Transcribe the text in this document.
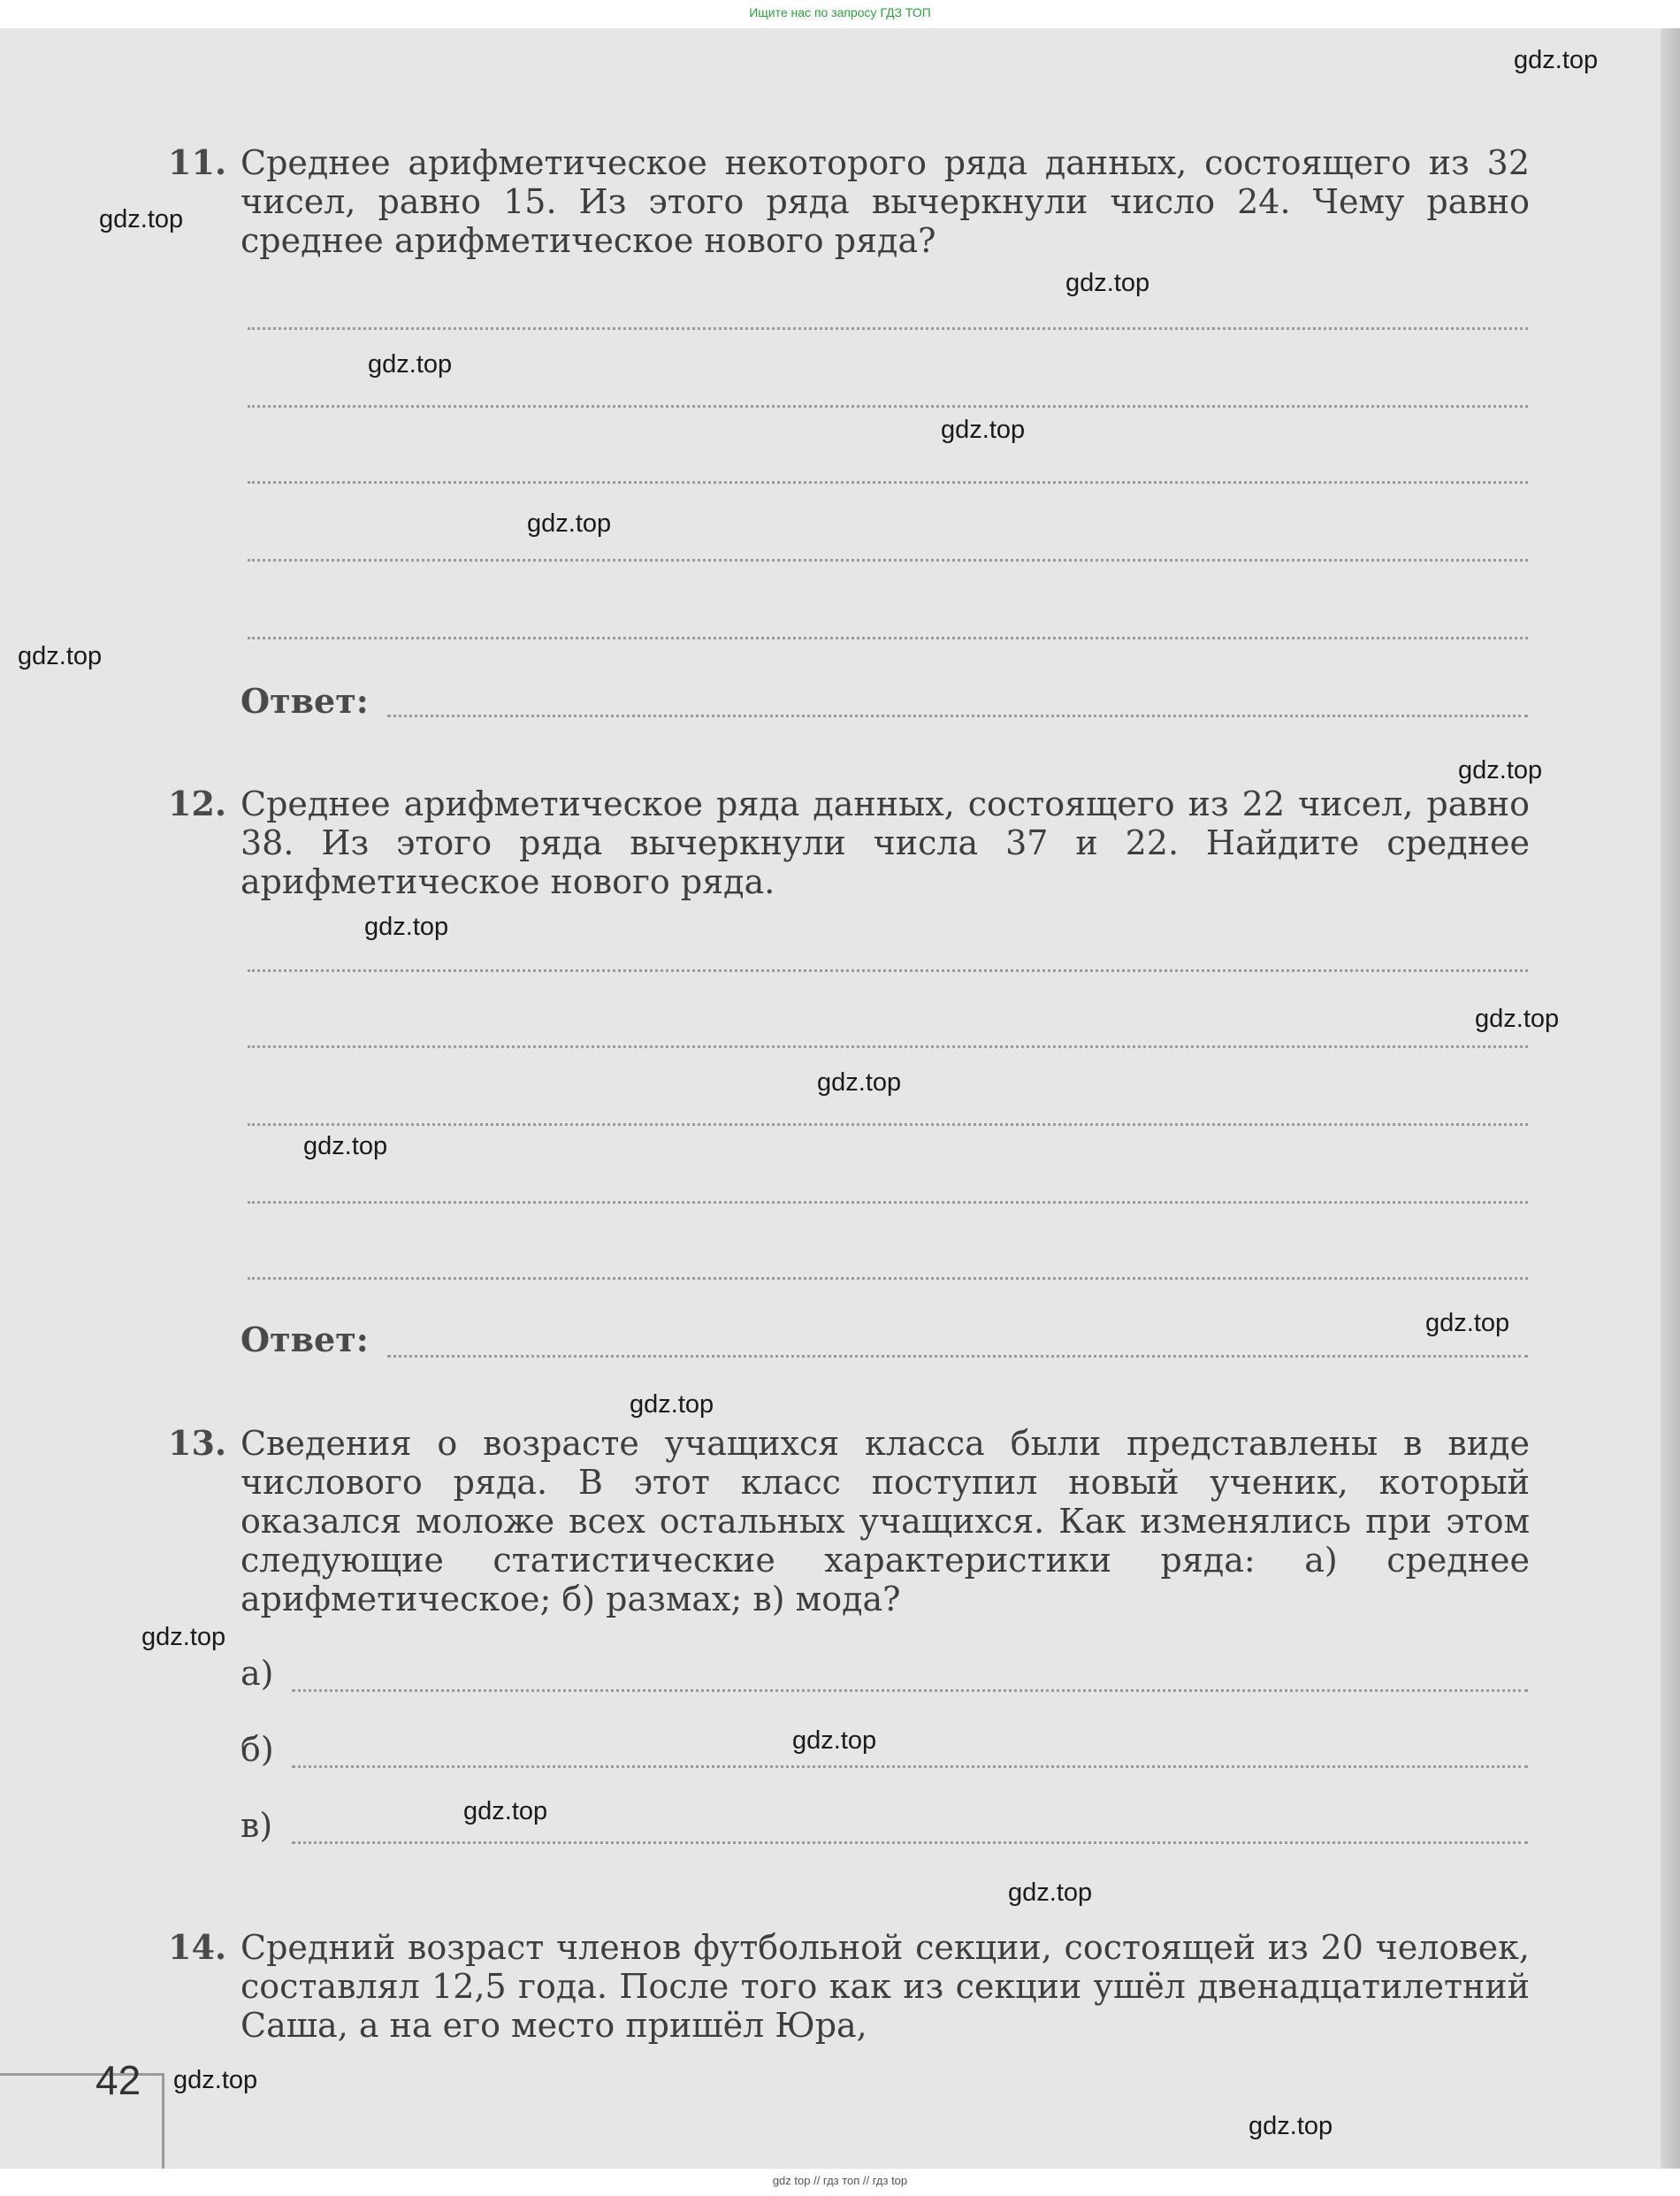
Ищите нас по запросу ГДЗ ТОП
11. Среднее арифметическое некоторого ряда данных, состоящего из 32 чисел, равно 15. Из этого ряда вычеркнули число 24. Чему равно среднее арифметическое нового ряда?
Ответ:
12. Среднее арифметическое ряда данных, состоящего из 22 чисел, равно 38. Из этого ряда вычеркнули числа 37 и 22. Найдите среднее арифметическое нового ряда.
Ответ:
13. Сведения о возрасте учащихся класса были представлены в виде числового ряда. В этот класс поступил новый ученик, который оказался моложе всех остальных учащихся. Как изменялись при этом следующие статистические характеристики ряда: а) среднее арифметическое; б) размах; в) мода?
а)
б)
в)
14. Средний возраст членов футбольной секции, состоящей из 20 человек, составлял 12,5 года. После того как из секции ушёл двенадцатилетний Саша, а на его место пришёл Юра,
42
gdz.top
gdz.top
gdz.top
gdz.top
gdz.top
gdz.top
gdz.top
gdz.top
gdz.top
gdz.top
gdz.top
gdz.top
gdz.top
gdz.top
gdz.top
gdz.top
gdz.top
gdz.top
gdz.top
gdz.top
gdz top // гдз топ // гдз top
